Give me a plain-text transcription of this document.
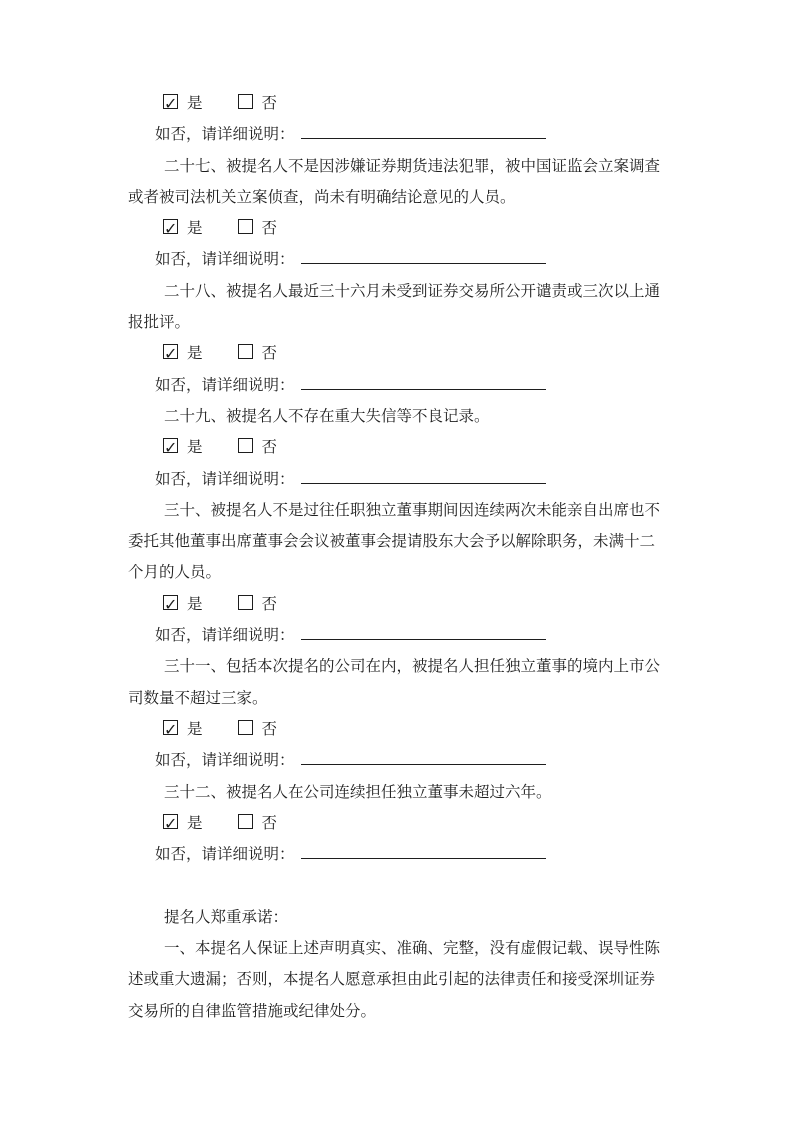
✓ 是	否
如否，请详细说明：
二十七、被提名人不是因涉嫌证券期货违法犯罪，被中国证监会立案调查
或者被司法机关立案侦查，尚未有明确结论意见的人员。
✓ 是	否
如否，请详细说明：
二十八、被提名人最近三十六月未受到证券交易所公开谴责或三次以上通
报批评。
✓ 是	否
如否，请详细说明：
二十九、被提名人不存在重大失信等不良记录。
✓ 是	否
如否，请详细说明：
三十、被提名人不是过往任职独立董事期间因连续两次未能亲自出席也不
委托其他董事出席董事会会议被董事会提请股东大会予以解除职务，未满十二
个月的人员。
✓ 是	否
如否，请详细说明：
三十一、包括本次提名的公司在内，被提名人担任独立董事的境内上市公
司数量不超过三家。
✓ 是	否
如否，请详细说明：
三十二、被提名人在公司连续担任独立董事未超过六年。
✓ 是	否
如否，请详细说明：
提名人郑重承诺：
一、本提名人保证上述声明真实、准确、完整，没有虚假记载、误导性陈
述或重大遗漏；否则，本提名人愿意承担由此引起的法律责任和接受深圳证券
交易所的自律监管措施或纪律处分。
